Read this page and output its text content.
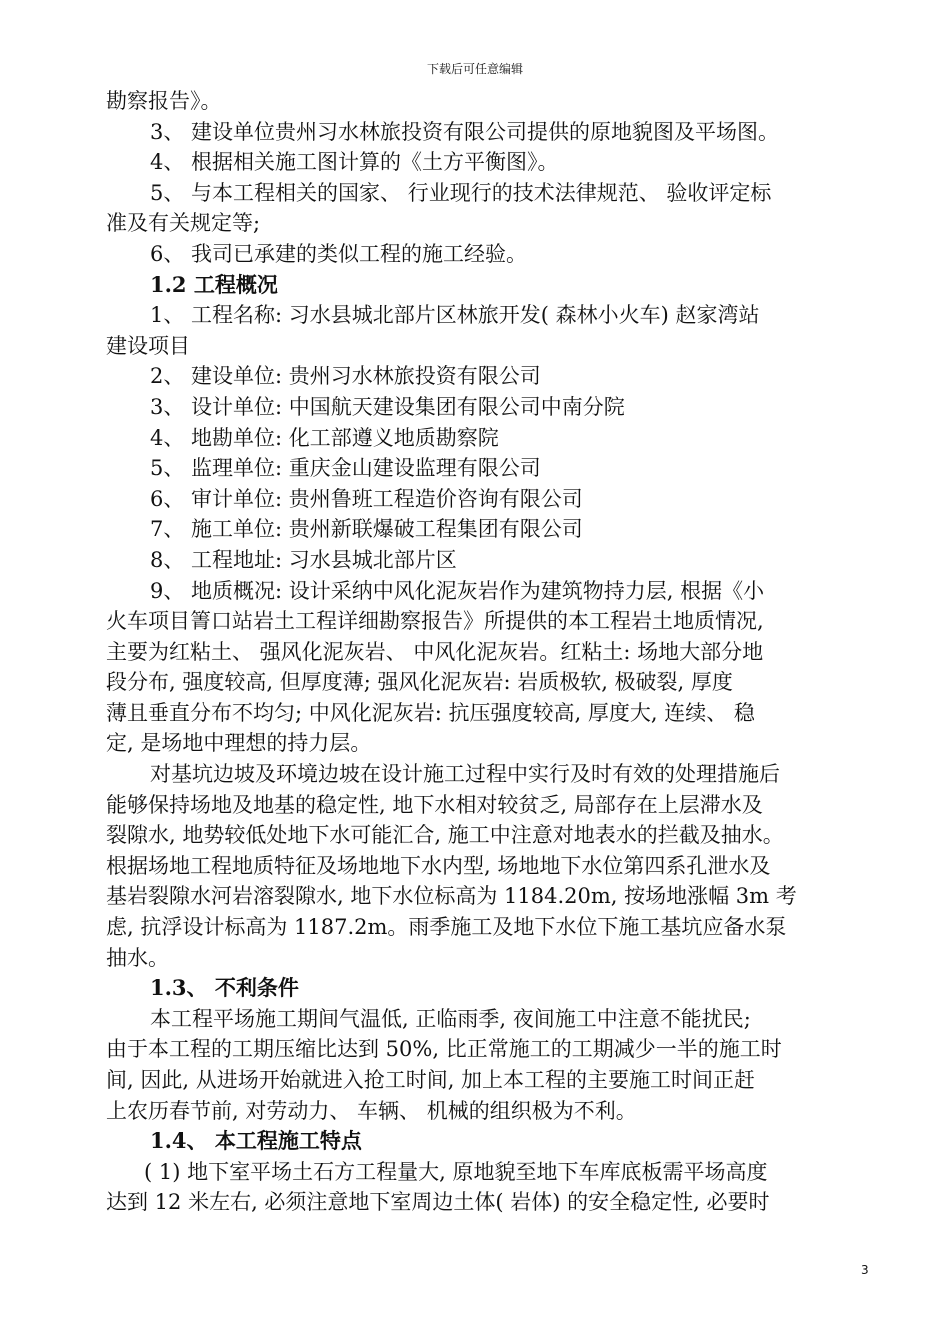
下载后可任意编辑
勘察报告》。
3、 建设单位贵州习水林旅投资有限公司提供的原地貌图及平场图。
4、 根据相关施工图计算的《土方平衡图》。
5、 与本工程相关的国家、 行业现行的技术法律规范、 验收评定标
准及有关规定等;
6、 我司已承建的类似工程的施工经验。
1.2 工程概况
1、 工程名称: 习水县城北部片区林旅开发( 森林小火车) 赵家湾站
建设项目
2、 建设单位: 贵州习水林旅投资有限公司
3、 设计单位: 中国航天建设集团有限公司中南分院
4、 地勘单位: 化工部遵义地质勘察院
5、 监理单位: 重庆金山建设监理有限公司
6、 审计单位: 贵州鲁班工程造价咨询有限公司
7、 施工单位: 贵州新联爆破工程集团有限公司
8、 工程地址: 习水县城北部片区
9、 地质概况: 设计采纳中风化泥灰岩作为建筑物持力层, 根据《小
火车项目箐口站岩土工程详细勘察报告》所提供的本工程岩土地质情况,
主要为红粘土、 强风化泥灰岩、 中风化泥灰岩。红粘土: 场地大部分地
段分布, 强度较高, 但厚度薄; 强风化泥灰岩: 岩质极软, 极破裂, 厚度
薄且垂直分布不均匀; 中风化泥灰岩: 抗压强度较高, 厚度大, 连续、 稳
定, 是场地中理想的持力层。
对基坑边坡及环境边坡在设计施工过程中实行及时有效的处理措施后
能够保持场地及地基的稳定性, 地下水相对较贫乏, 局部存在上层滞水及
裂隙水, 地势较低处地下水可能汇合, 施工中注意对地表水的拦截及抽水。
根据场地工程地质特征及场地地下水内型, 场地地下水位第四系孔泄水及
基岩裂隙水河岩溶裂隙水, 地下水位标高为 1184.20m, 按场地涨幅 3m 考
虑, 抗浮设计标高为 1187.2m。雨季施工及地下水位下施工基坑应备水泵
抽水。
1.3、 不利条件
本工程平场施工期间气温低, 正临雨季, 夜间施工中注意不能扰民;
由于本工程的工期压缩比达到 50%, 比正常施工的工期减少一半的施工时
间, 因此, 从进场开始就进入抢工时间, 加上本工程的主要施工时间正赶
上农历春节前, 对劳动力、 车辆、 机械的组织极为不利。
1.4、 本工程施工特点
( 1) 地下室平场土石方工程量大, 原地貌至地下车库底板需平场高度
达到 12 米左右, 必须注意地下室周边土体( 岩体) 的安全稳定性, 必要时
3
